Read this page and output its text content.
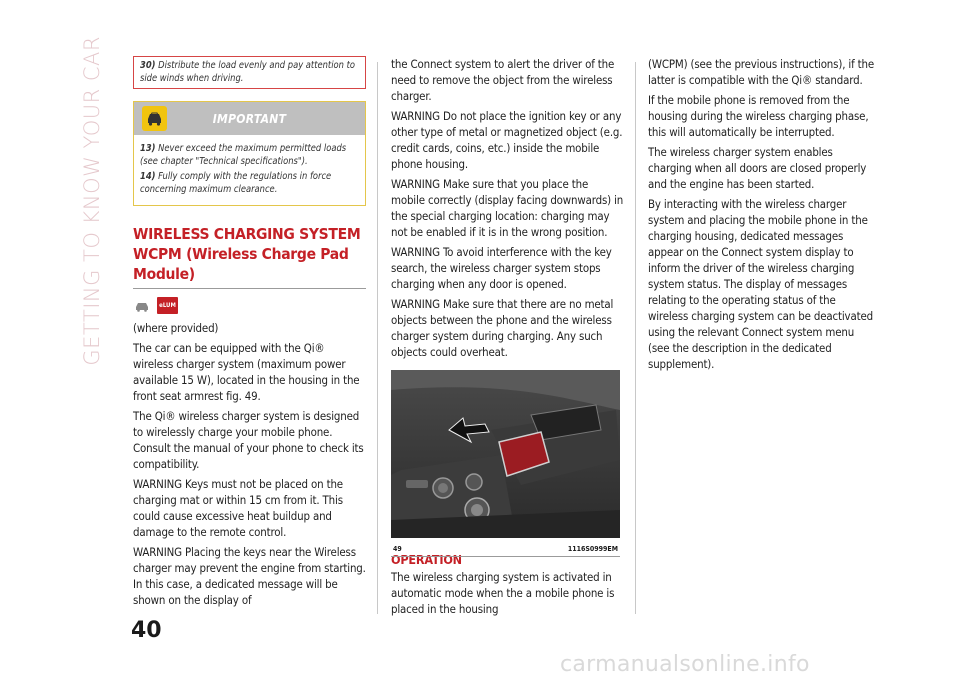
GETTING TO KNOW YOUR CAR	30) Distribute the load evenly and pay attention to side winds when driving.
IMPORTANT

13) Never exceed the maximum permitted loads (see chapter "Technical specifications").

14) Fully comply with the regulations in force concerning maximum clearance.

WIRELESS CHARGING SYSTEM WCPM (Wireless Charge Pad Module)
eLUM

(where provided)

The car can be equipped with the Qi® wireless charger system (maximum power available 15 W), located in the housing in the front seat armrest fig. 49.

The Qi® wireless charger system is designed to wirelessly charge your mobile phone. Consult the manual of your phone to check its compatibility.

WARNING Keys must not be placed on the charging mat or within 15 cm from it. This could cause excessive heat buildup and damage to the remote control.

WARNING Placing the keys near the Wireless charger may prevent the engine from starting. In this case, a dedicated message will be shown on the display of

the Connect system to alert the driver of the need to remove the object from the wireless charger.

WARNING Do not place the ignition key or any other type of metal or magnetized object (e.g. credit cards, coins, etc.) inside the mobile phone housing.

WARNING Make sure that you place the mobile correctly (display facing downwards) in the special charging location: charging may not be enabled if it is in the wrong position.

WARNING To avoid interference with the key search, the wireless charger system stops charging when any door is opened.

WARNING Make sure that there are no metal objects between the phone and the wireless charger system during charging. Any such objects could overheat.

49	1116S0999EM
OPERATION

The wireless charging system is activated in automatic mode when the a mobile phone is placed in the housing

(WCPM) (see the previous instructions), if the latter is compatible with the Qi® standard.

If the mobile phone is removed from the housing during the wireless charging phase, this will automatically be interrupted.

The wireless charger system enables charging when all doors are closed properly and the engine has been started.

By interacting with the wireless charger system and placing the mobile phone in the charging housing, dedicated messages appear on the Connect system display to inform the driver of the wireless charging system status. The display of messages relating to the operating status of the wireless charging system can be deactivated using the relevant Connect system menu (see the description in the dedicated supplement).

40
carmanualsonline.info
